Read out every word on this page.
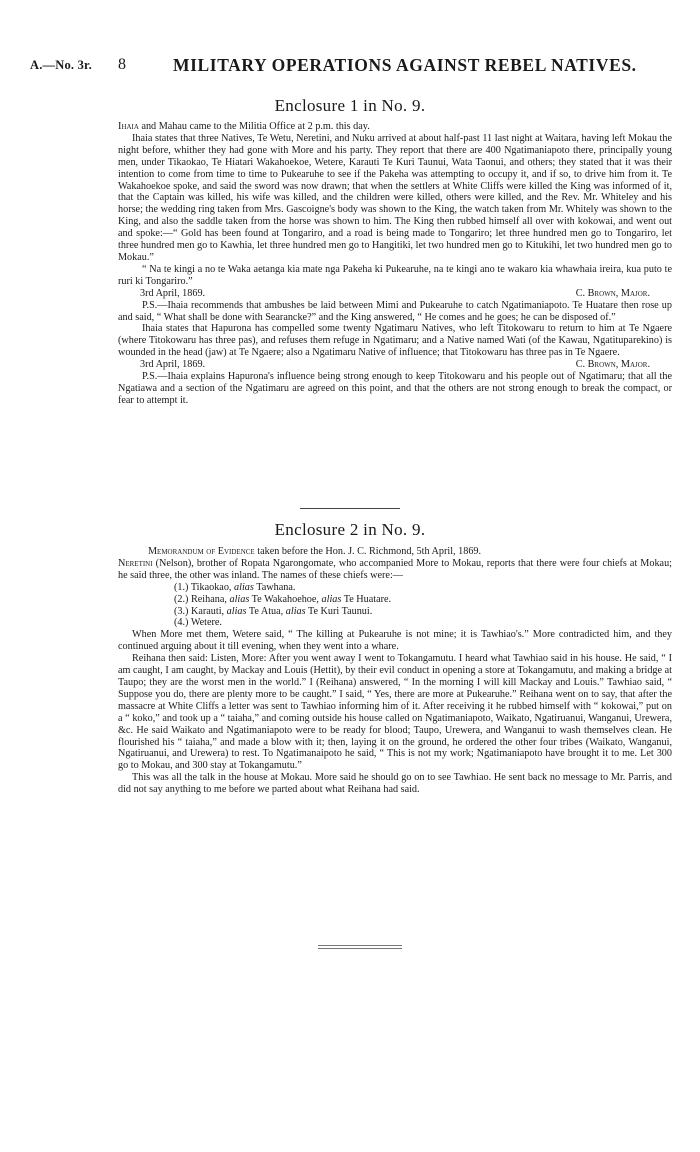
A.—No. 3r. 8	MILITARY OPERATIONS AGAINST REBEL NATIVES.
Enclosure 1 in No. 9.

Ihaia and Mahau came to the Militia Office at 2 p.m. this day.

Ihaia states that three Natives, Te Wetu, Neretini, and Nuku arrived at about half-past 11 last night at Waitara, having left Mokau the night before, whither they had gone with More and his party. They report that there are 400 Ngatimaniapoto there, principally young men, under Tikaokao, Te Hiatari Wakahoekoe, Wetere, Karauti Te Kuri Taunui, Wata Taonui, and others; they stated that it was their intention to come from time to time to Pukearuhe to see if the Pakeha was attempting to occupy it, and if so, to drive him from it. Te Wakahoekoe spoke, and said the sword was now drawn; that when the settlers at White Cliffs were killed the King was informed of it, that the Captain was killed, his wife was killed, and the children were killed, others were killed, and the Rev. Mr. Whiteley and his horse; the wedding ring taken from Mrs. Gascoigne's body was shown to the King, the watch taken from Mr. Whitely was shown to the King, and also the saddle taken from the horse was shown to him. The King then rubbed himself all over with kokowai, and went out and spoke:—“ Gold has been found at Tongariro, and a road is being made to Tongariro; let three hundred men go to Tongariro, let three hundred men go to Kawhia, let three hundred men go to Hangitiki, let two hundred men go to Kitukihi, let two hundred men go to Mokau.”

“ Na te kingi a no te Waka aetanga kia mate nga Pakeha ki Pukearuhe, na te kingi ano te wakaro kia whawhaia ireira, kua puto te ruri ki Tongariro.”

3rd April, 1869.	C. Brown, Major.

P.S.—Ihaia recommends that ambushes be laid between Mimi and Pukearuhe to catch Ngatimaniapoto. Te Huatare then rose up and said, “ What shall be done with Searancke?” and the King answered, “ He comes and he goes; he can be disposed of.”

Ihaia states that Hapurona has compelled some twenty Ngatimaru Natives, who left Titokowaru to return to him at Te Ngaere (where Titokowaru has three pas), and refuses them refuge in Ngatimaru; and a Native named Wati (of the Kawau, Ngatituparekino) is wounded in the head (jaw) at Te Ngaere; also a Ngatimaru Native of influence; that Titokowaru has three pas in Te Ngaere.

3rd April, 1869.	C. Brown, Major.

P.S.—Ihaia explains Hapurona's influence being strong enough to keep Titokowaru and his people out of Ngatimaru; that all the Ngatiawa and a section of the Ngatimaru are agreed on this point, and that the others are not strong enough to break the compact, or fear to attempt it.

Enclosure 2 in No. 9.

Memorandum of Evidence taken before the Hon. J. C. Richmond, 5th April, 1869.

Neretini (Nelson), brother of Ropata Ngarongomate, who accompanied More to Mokau, reports that there were four chiefs at Mokau; he said three, the other was inland. The names of these chiefs were:—

(1.) Tikaokao, alias Tawhana.
(2.) Reihana, alias Te Wakahoehoe, alias Te Huatare.
(3.) Karauti, alias Te Atua, alias Te Kuri Taunui.
(4.) Wetere.

When More met them, Wetere said, “ The killing at Pukearuhe is not mine; it is Tawhiao's.” More contradicted him, and they continued arguing about it till evening, when they went into a whare.

Reihana then said: Listen, More: After you went away I went to Tokangamutu. I heard what Tawhiao said in his house. He said, “ I am caught, I am caught, by Mackay and Louis (Hettit), by their evil conduct in opening a store at Tokangamutu, and making a bridge at Taupo; they are the worst men in the world.” I (Reihana) answered, “ In the morning I will kill Mackay and Louis.” Tawhiao said, “ Suppose you do, there are plenty more to be caught.” I said, “ Yes, there are more at Pukearuhe.” Reihana went on to say, that after the massacre at White Cliffs a letter was sent to Tawhiao informing him of it. After receiving it he rubbed himself with “ kokowai,” put on a “ koko,” and took up a “ taiaha,” and coming outside his house called on Ngatimaniapoto, Waikato, Ngatiruanui, Wanganui, Urewera, &c. He said Waikato and Ngatimaniapoto were to be ready for blood; Taupo, Urewera, and Wanganui to wash themselves clean. He flourished his “ taiaha,” and made a blow with it; then, laying it on the ground, he ordered the other four tribes (Waikato, Wanganui, Ngatiruanui, and Urewera) to rest. To Ngatimanaipoto he said, “ This is not my work; Ngatimaniapoto have brought it to me. Let 300 go to Mokau, and 300 stay at Tokangamutu.”

This was all the talk in the house at Mokau. More said he should go on to see Tawhiao. He sent back no message to Mr. Parris, and did not say anything to me before we parted about what Reihana had said.
